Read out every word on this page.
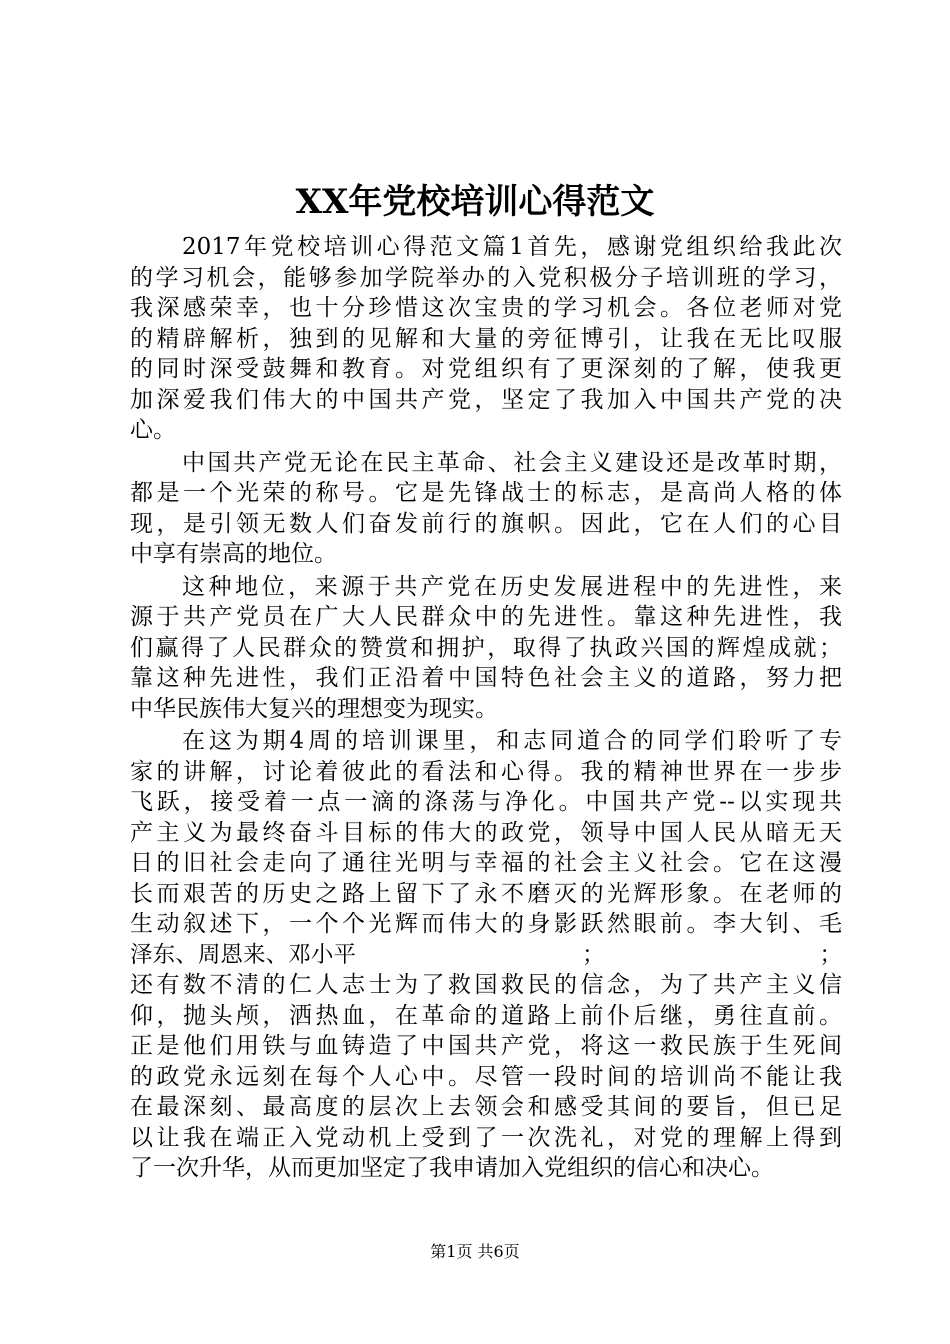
XX年党校培训心得范文
2017年党校培训心得范文篇1首先，感谢党组织给我此次
的学习机会，能够参加学院举办的入党积极分子培训班的学习，
我深感荣幸，也十分珍惜这次宝贵的学习机会。各位老师对党
的精辟解析，独到的见解和大量的旁征博引，让我在无比叹服
的同时深受鼓舞和教育。对党组织有了更深刻的了解，使我更
加深爱我们伟大的中国共产党，坚定了我加入中国共产党的决
心。
中国共产党无论在民主革命、社会主义建设还是改革时期，
都是一个光荣的称号。它是先锋战士的标志，是高尚人格的体
现，是引领无数人们奋发前行的旗帜。因此，它在人们的心目
中享有崇高的地位。
这种地位，来源于共产党在历史发展进程中的先进性，来
源于共产党员在广大人民群众中的先进性。靠这种先进性，我
们赢得了人民群众的赞赏和拥护，取得了执政兴国的辉煌成就；
靠这种先进性，我们正沿着中国特色社会主义的道路，努力把
中华民族伟大复兴的理想变为现实。
在这为期4周的培训课里，和志同道合的同学们聆听了专
家的讲解，讨论着彼此的看法和心得。我的精神世界在一步步
飞跃，接受着一点一滴的涤荡与净化。中国共产党--以实现共
产主义为最终奋斗目标的伟大的政党，领导中国人民从暗无天
日的旧社会走向了通往光明与幸福的社会主义社会。它在这漫
长而艰苦的历史之路上留下了永不磨灭的光辉形象。在老师的
生动叙述下，一个个光辉而伟大的身影跃然眼前。李大钊、毛
泽东、周恩来、邓小平　　　　　　　　　　；　　　　　　　　　　；
还有数不清的仁人志士为了救国救民的信念，为了共产主义信
仰，抛头颅，洒热血，在革命的道路上前仆后继，勇往直前。
正是他们用铁与血铸造了中国共产党，将这一救民族于生死间
的政党永远刻在每个人心中。尽管一段时间的培训尚不能让我
在最深刻、最高度的层次上去领会和感受其间的要旨，但已足
以让我在端正入党动机上受到了一次洗礼，对党的理解上得到
了一次升华，从而更加坚定了我申请加入党组织的信心和决心。
第1页 共6页
